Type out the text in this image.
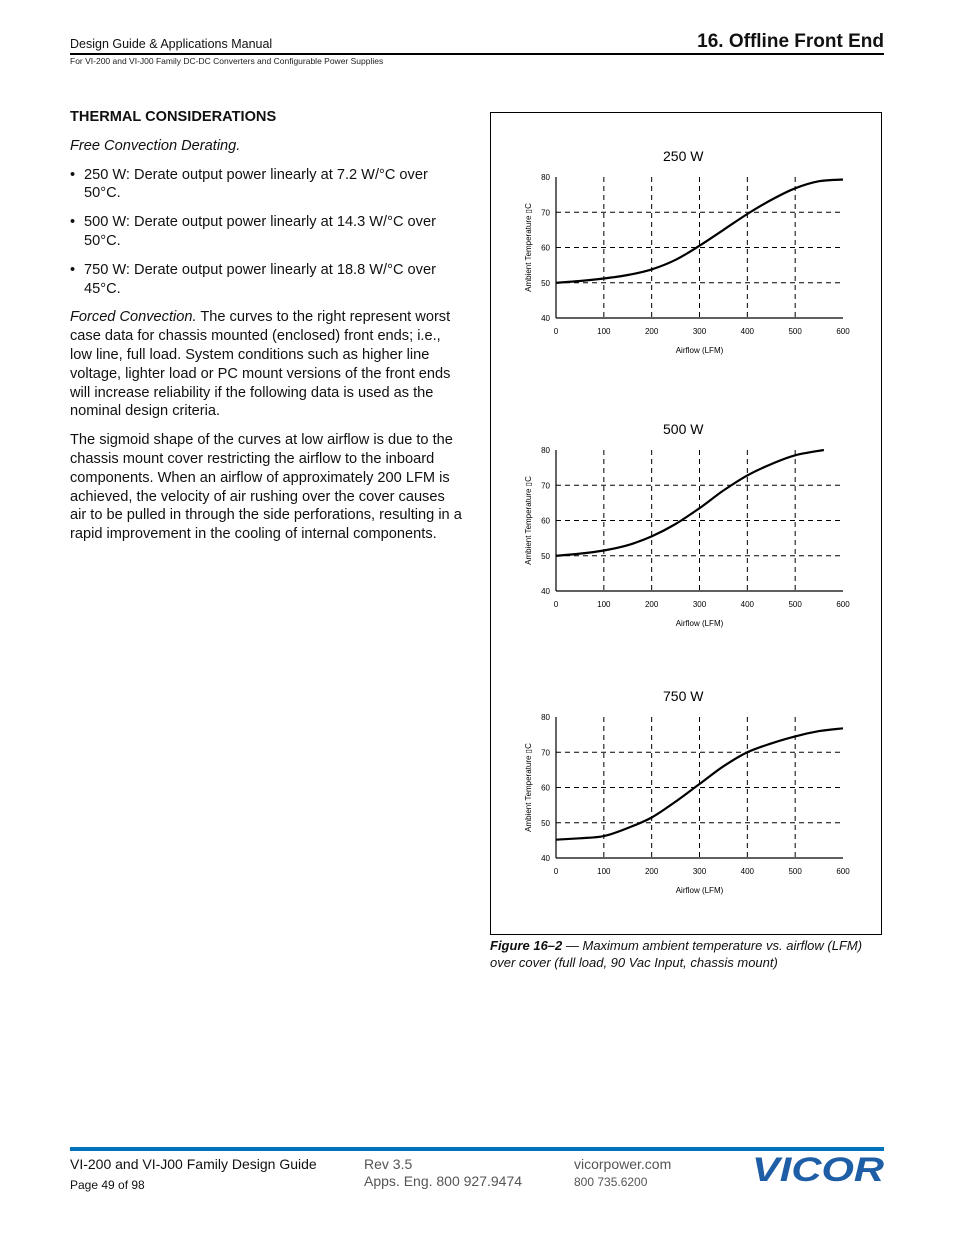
Design Guide & Applications Manual
For VI-200 and VI-J00 Family DC-DC Converters and Configurable Power Supplies
16. Offline Front End
THERMAL CONSIDERATIONS

Free Convection Derating.

• 250 W: Derate output power linearly at 7.2 W/°C over 50°C.
• 500 W: Derate output power linearly at 14.3 W/°C over 50°C.
• 750 W: Derate output power linearly at 18.8 W/°C over 45°C.

Forced Convection. The curves to the right represent worst case data for chassis mounted (enclosed) front ends; i.e., low line, full load. System conditions such as higher line voltage, lighter load or PC mount versions of the front ends will increase reliability if the following data is used as the nominal design criteria.

The sigmoid shape of the curves at low airflow is due to the chassis mount cover restricting the airflow to the inboard components. When an airflow of approximately 200 LFM is achieved, the velocity of air rushing over the cover causes air to be pulled in through the side perforations, resulting in a rapid improvement in the cooling of internal components.

250 W
0	100	200	300	400	500	600
40
50
60
70
80
Airflow (LFM)
Ambient Temperature ▯C
500 W
0	100	200	300	400	500	600
40
50
60
70
80
Airflow (LFM)
Ambient Temperature ▯C
750 W
0	100	200	300	400	500	600
40
50
60
70
80
Airflow (LFM)
Ambient Temperature ▯C
Figure 16–2 — Maximum ambient temperature vs. airflow (LFM) over cover (full load, 90 Vac Input, chassis mount)
VI-200 and VI-J00 Family Design Guide
Page 49 of 98
Rev 3.5
Apps. Eng. 800 927.9474
vicorpower.com
800 735.6200	VICOR
